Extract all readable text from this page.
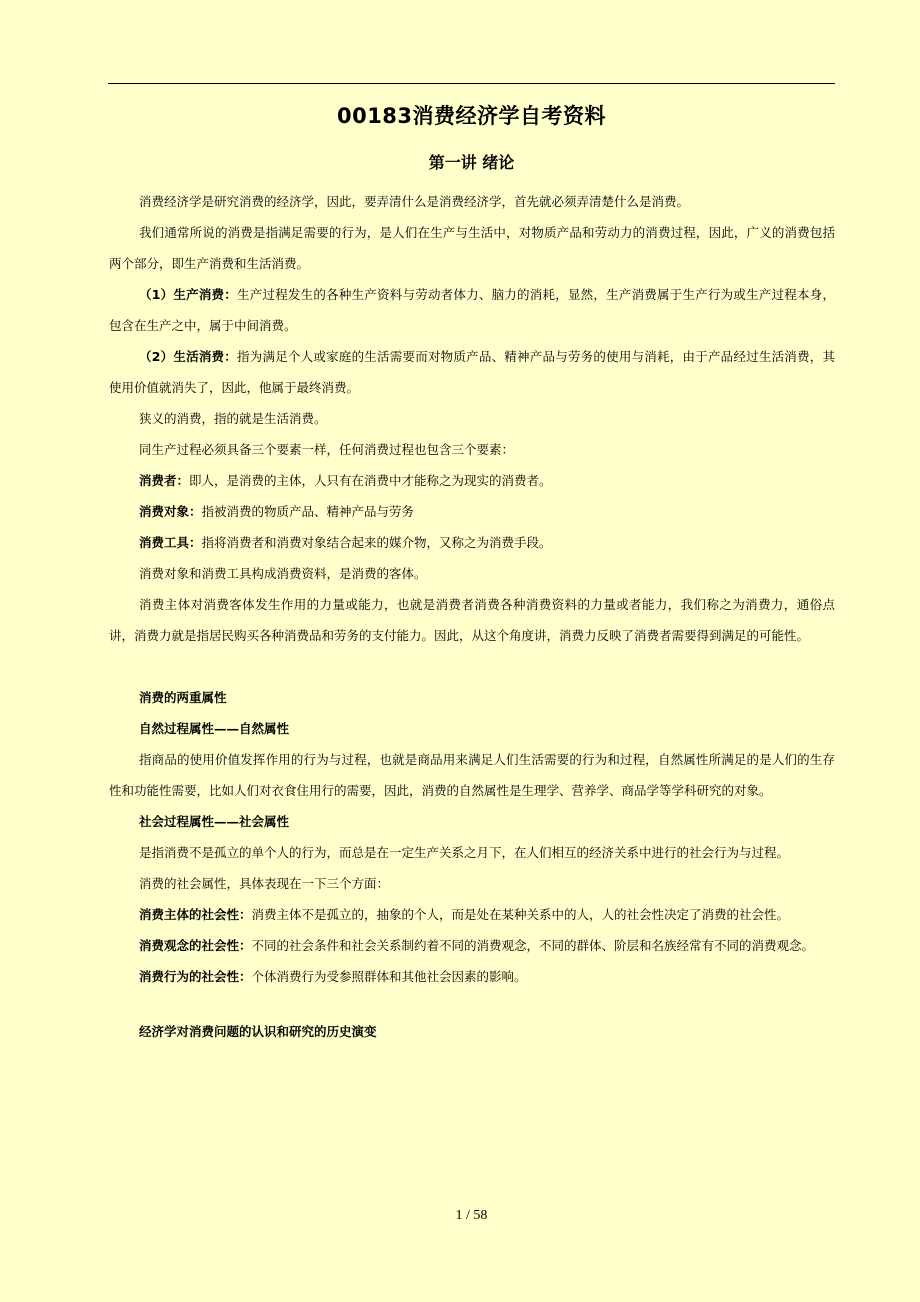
00183消费经济学自考资料
第一讲 绪论

消费经济学是研究消费的经济学，因此，要弄清什么是消费经济学，首先就必须弄清楚什么是消费。

我们通常所说的消费是指满足需要的行为，是人们在生产与生活中，对物质产品和劳动力的消费过程，因此，广义的消费包括两个部分，即生产消费和生活消费。

（1）生产消费：生产过程发生的各种生产资料与劳动者体力、脑力的消耗，显然，生产消费属于生产行为或生产过程本身，包含在生产之中，属于中间消费。

（2）生活消费：指为满足个人或家庭的生活需要而对物质产品、精神产品与劳务的使用与消耗，由于产品经过生活消费，其使用价值就消失了，因此，他属于最终消费。

狭义的消费，指的就是生活消费。

同生产过程必须具备三个要素一样，任何消费过程也包含三个要素：

消费者：即人，是消费的主体，人只有在消费中才能称之为现实的消费者。

消费对象：指被消费的物质产品、精神产品与劳务

消费工具：指将消费者和消费对象结合起来的媒介物，又称之为消费手段。

消费对象和消费工具构成消费资料，是消费的客体。

消费主体对消费客体发生作用的力量或能力，也就是消费者消费各种消费资料的力量或者能力，我们称之为消费力，通俗点讲，消费力就是指居民购买各种消费品和劳务的支付能力。因此，从这个角度讲，消费力反映了消费者需要得到满足的可能性。

消费的两重属性

自然过程属性——自然属性

指商品的使用价值发挥作用的行为与过程，也就是商品用来满足人们生活需要的行为和过程，自然属性所满足的是人们的生存性和功能性需要，比如人们对衣食住用行的需要，因此，消费的自然属性是生理学、营养学、商品学等学科研究的对象。

社会过程属性——社会属性

是指消费不是孤立的单个人的行为，而总是在一定生产关系之月下，在人们相互的经济关系中进行的社会行为与过程。

消费的社会属性，具体表现在一下三个方面：

消费主体的社会性：消费主体不是孤立的，抽象的个人，而是处在某种关系中的人，人的社会性决定了消费的社会性。

消费观念的社会性：不同的社会条件和社会关系制约着不同的消费观念，不同的群体、阶层和名族经常有不同的消费观念。

消费行为的社会性：个体消费行为受参照群体和其他社会因素的影响。

经济学对消费问题的认识和研究的历史演变

1 / 58
